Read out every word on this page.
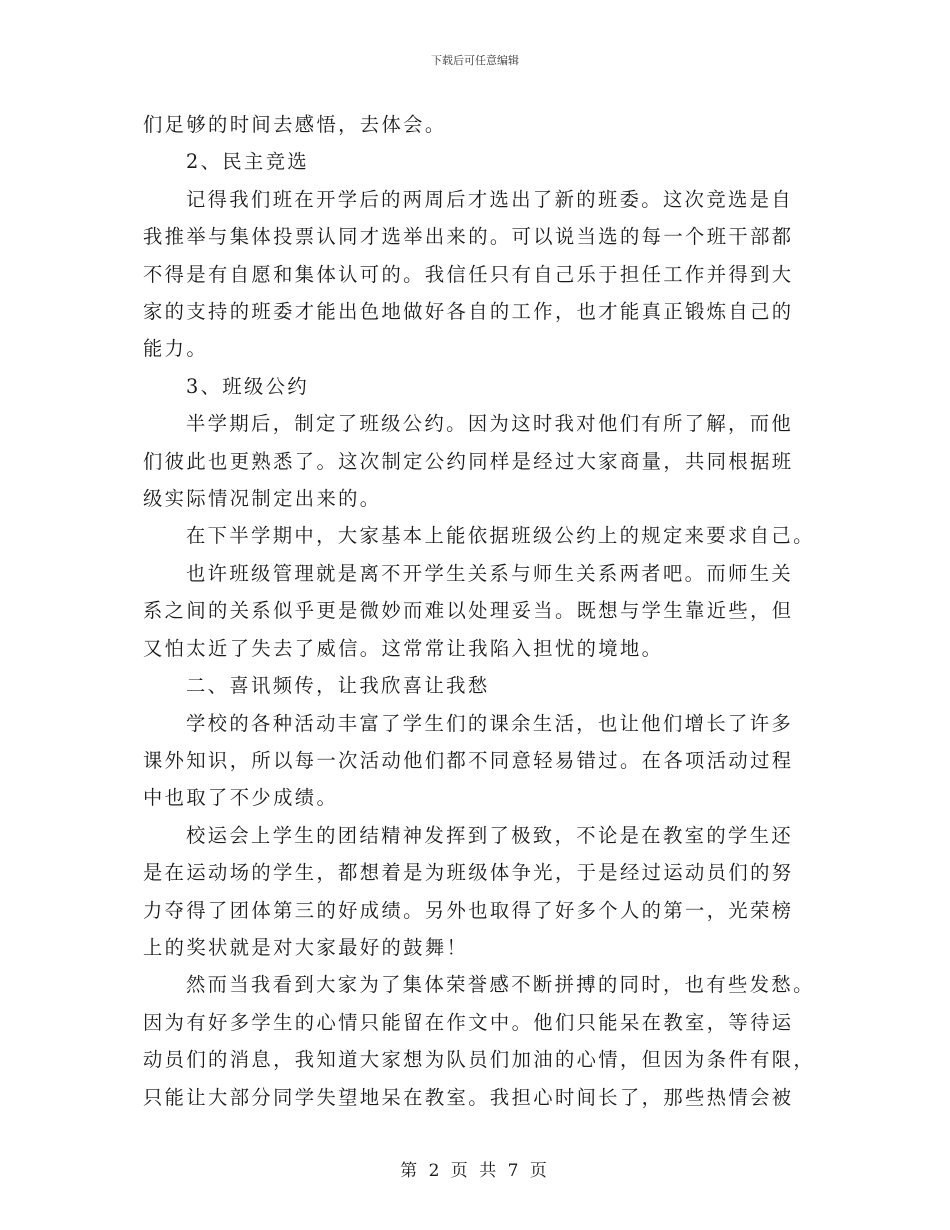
下载后可任意编辑
们足够的时间去感悟，去体会。
2、民主竞选
记得我们班在开学后的两周后才选出了新的班委。这次竞选是自
我推举与集体投票认同才选举出来的。可以说当选的每一个班干部都
不得是有自愿和集体认可的。我信任只有自己乐于担任工作并得到大
家的支持的班委才能出色地做好各自的工作，也才能真正锻炼自己的
能力。
3、班级公约
半学期后，制定了班级公约。因为这时我对他们有所了解，而他
们彼此也更熟悉了。这次制定公约同样是经过大家商量，共同根据班
级实际情况制定出来的。
在下半学期中，大家基本上能依据班级公约上的规定来要求自己。
也许班级管理就是离不开学生关系与师生关系两者吧。而师生关
系之间的关系似乎更是微妙而难以处理妥当。既想与学生靠近些，但
又怕太近了失去了威信。这常常让我陷入担忧的境地。
二、喜讯频传，让我欣喜让我愁
学校的各种活动丰富了学生们的课余生活，也让他们增长了许多
课外知识，所以每一次活动他们都不同意轻易错过。在各项活动过程
中也取了不少成绩。
校运会上学生的团结精神发挥到了极致，不论是在教室的学生还
是在运动场的学生，都想着是为班级体争光，于是经过运动员们的努
力夺得了团体第三的好成绩。另外也取得了好多个人的第一，光荣榜
上的奖状就是对大家最好的鼓舞！
然而当我看到大家为了集体荣誉感不断拼搏的同时，也有些发愁。
因为有好多学生的心情只能留在作文中。他们只能呆在教室，等待运
动员们的消息，我知道大家想为队员们加油的心情，但因为条件有限，
只能让大部分同学失望地呆在教室。我担心时间长了，那些热情会被
第 2 页 共 7 页
